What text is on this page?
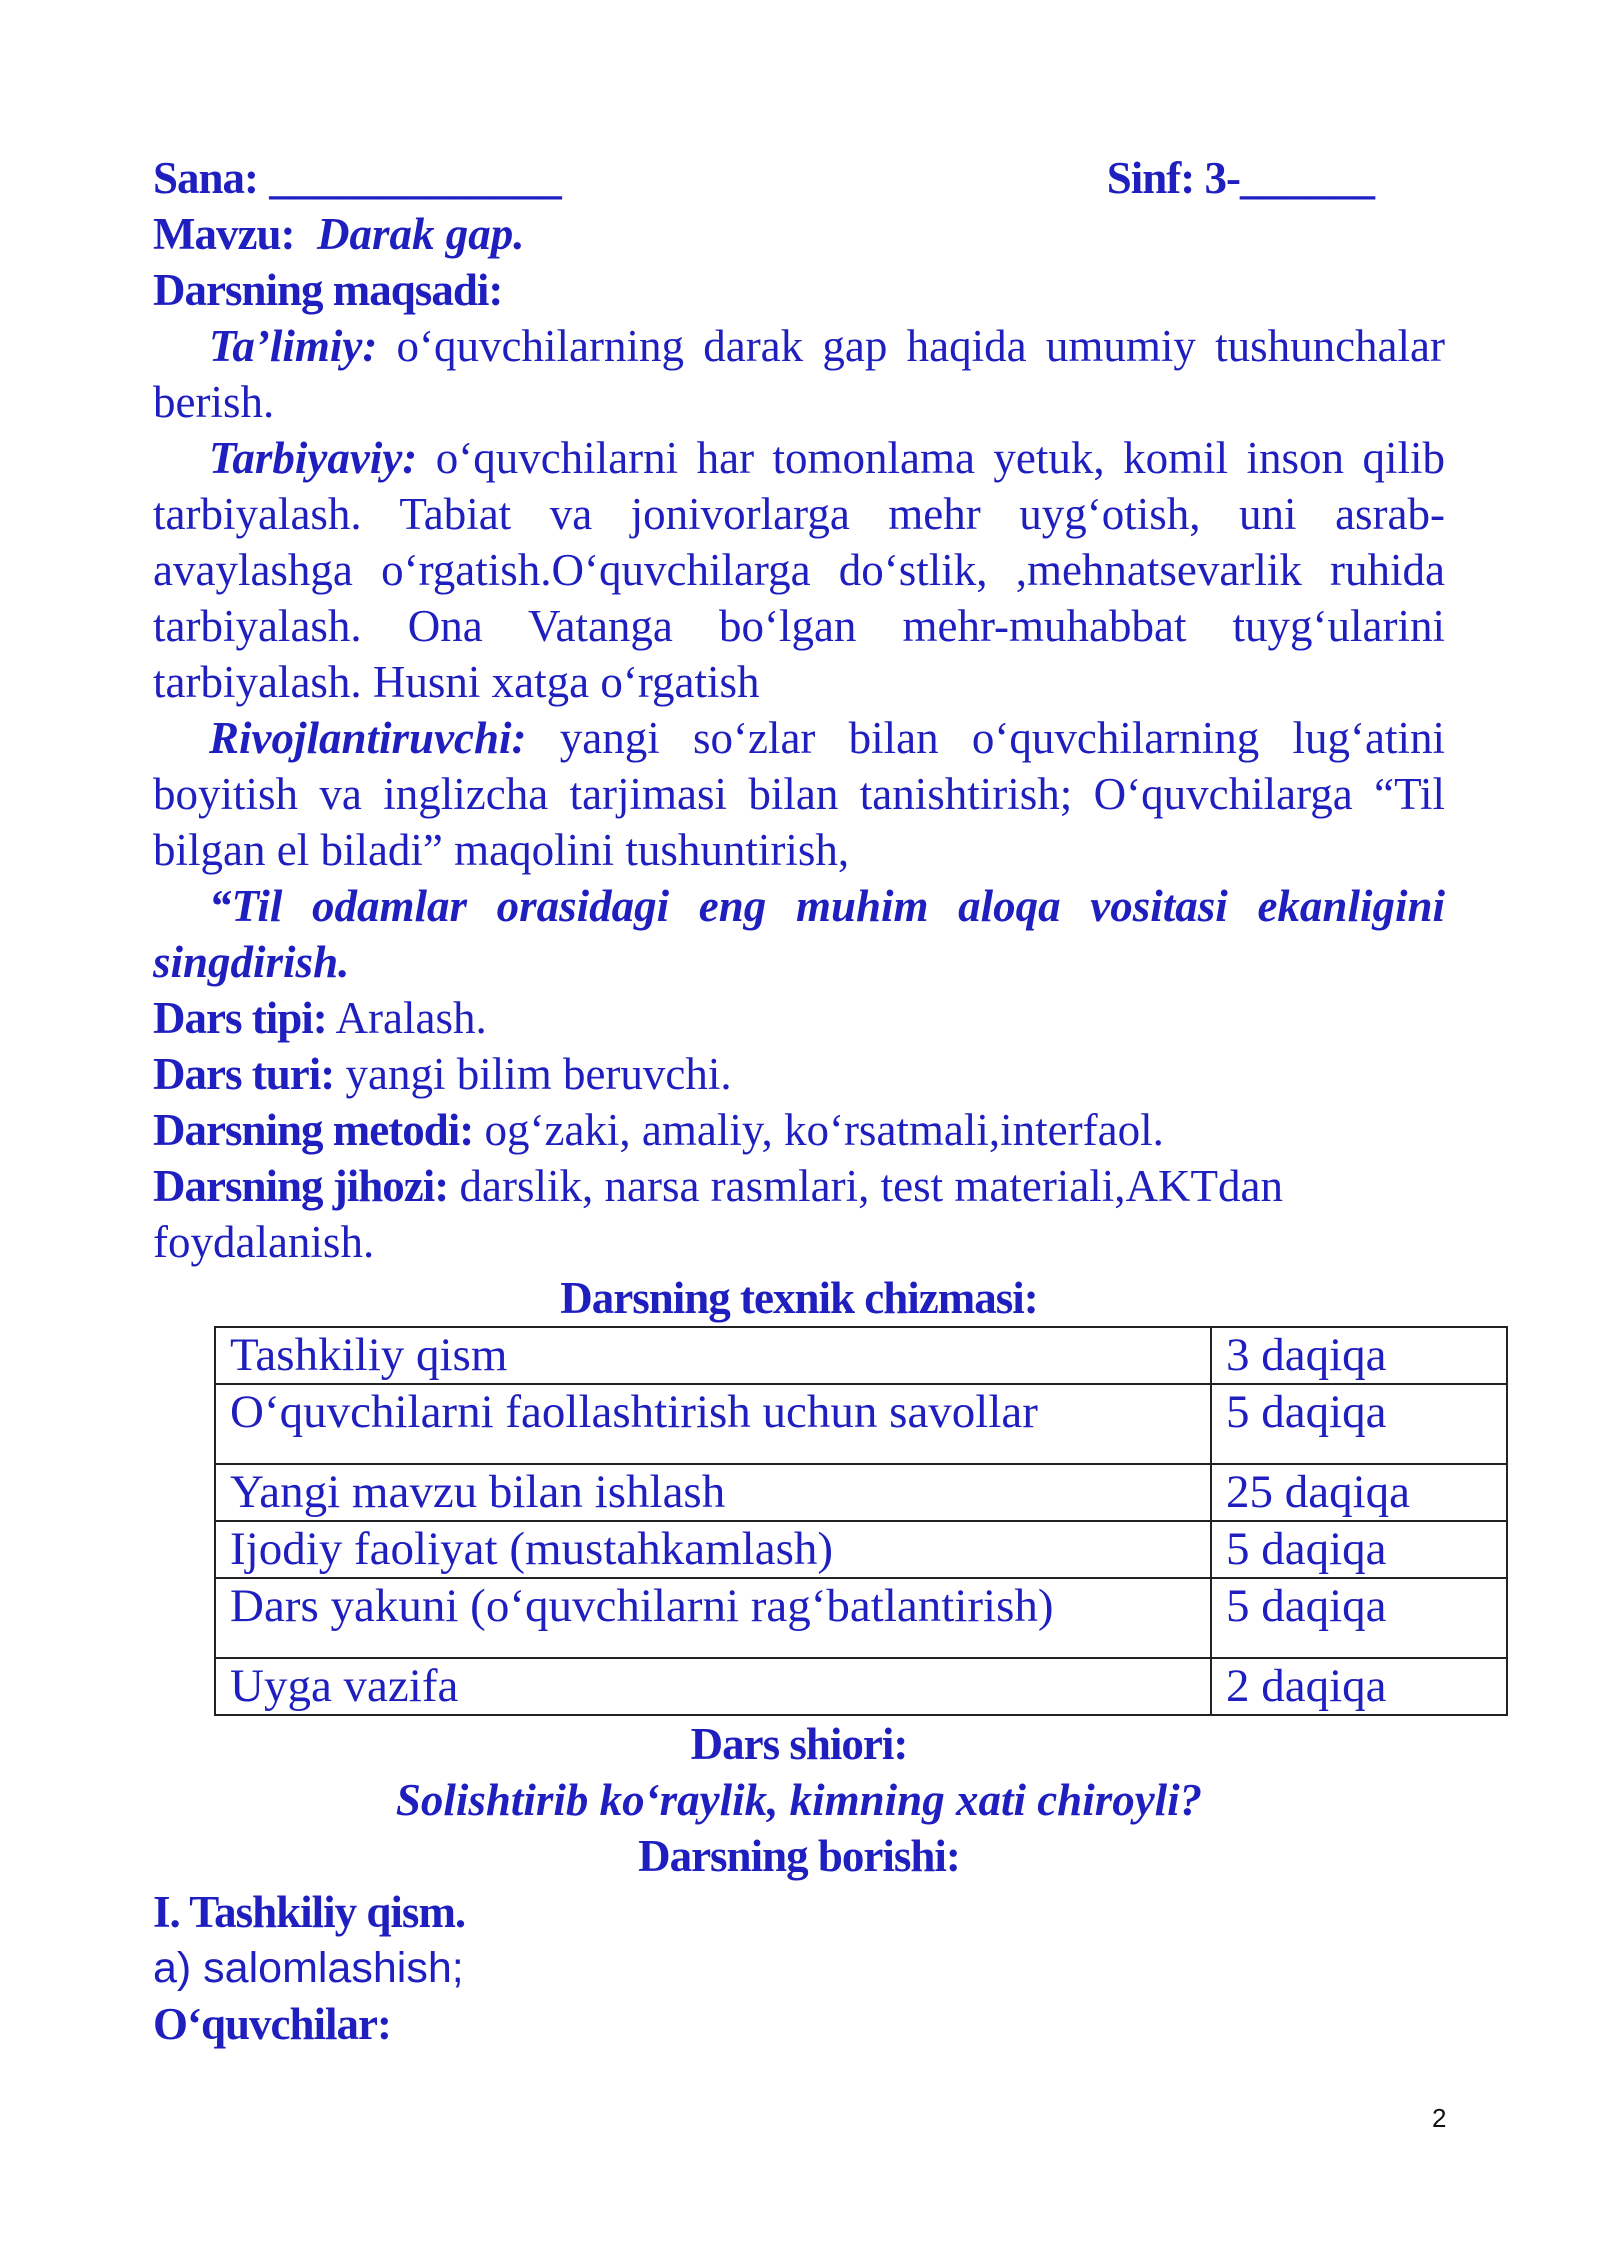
Sana: _____________	Sinf: 3-______
Mavzu: Darak gap.
Darsning maqsadi:
Ta’limiy: o‘quvchilarning darak gap haqida umumiy tushunchalar berish.
Tarbiyaviy: o‘quvchilarni har tomonlama yetuk, komil inson qilib tarbiyalash. Tabiat va jonivorlarga mehr uyg‘otish, uni asrab-avaylashga o‘rgatish.O‘quvchilarga do‘stlik, ,mehnatsevarlik ruhida tarbiyalash. Ona Vatanga bo‘lgan mehr-muhabbat tuyg‘ularini tarbiyalash. Husni xatga o‘rgatish
Rivojlantiruvchi: yangi so‘zlar bilan o‘quvchilarning lug‘atini boyitish va inglizcha tarjimasi bilan tanishtirish; O‘quvchilarga “Til bilgan el biladi” maqolini tushuntirish,
“Til odamlar orasidagi eng muhim aloqa vositasi ekanligini singdirish.
Dars tipi: Aralash.
Dars turi: yangi bilim beruvchi.
Darsning metodi: og‘zaki, amaliy, ko‘rsatmali,interfaol.
Darsning jihozi: darslik, narsa rasmlari, test materiali,AKTdan foydalanish.
Darsning texnik chizmasi:
Tashkiliy qism	3 daqiqa
O‘quvchilarni faollashtirish uchun savollar	5 daqiqa
Yangi mavzu bilan ishlash	25 daqiqa
Ijodiy faoliyat (mustahkamlash)	5 daqiqa
Dars yakuni (o‘quvchilarni rag‘batlantirish)	5 daqiqa
Uyga vazifa	2 daqiqa
Dars shiori:
Solishtirib ko‘raylik, kimning xati chiroyli?
Darsning borishi:
I. Tashkiliy qism.
a) salomlashish;
O‘quvchilar:
2
